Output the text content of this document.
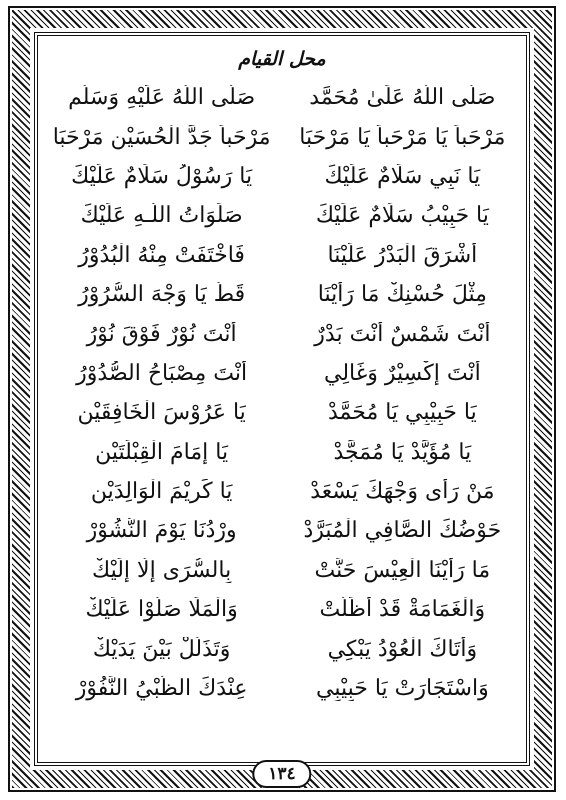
محل القيام
صَلَّى اللَّهُ عَلَىٰ مُحَمَّد
صَلَّى اللَّهُ عَلَيْهِ وَسَلَّم
مَرْحَباً يَا مَرْحَباً يَا مَرْحَبَا
مَرْحَباً جَدَّ الْحُسَيْنِ مَرْحَبَا
يَا نَبِي سَلَامٌ عَلَيْكَ
يَا رَسُوْلُ سَلَامٌ عَلَيْكَ
يَا حَبِيْبُ سَلَامٌ عَلَيْكَ
صَلَوَاتُ اللَّـهِ عَلَيْكَ
أَشْرَقَ الْبَدْرُ عَلَيْنَا
فَاخْتَفَتْ مِنْهُ الْبُدُوْرُ
مِثْلَ حُسْنِكْ مَا رَأَيْنَا
قَطُّ يَا وَجْهَ السُّرُوْرُ
أَنْتَ شَمْسٌ أَنْتَ بَدْرٌ
أَنْتَ نُوْرٌ فَوْقَ نُوْرُ
أَنْتَ إِكْسِيْرٌ وَغَالِي
أَنْتَ مِصْبَاحُ الصُّدُوْرُ
يَا حَبِيْبِي يَا مُحَمَّدْ
يَا عَرُوْسَ الْخَافِقَيْنِ
يَا مُؤَيَّدْ يَا مُمَجَّدْ
يَا إِمَامَ الْقِبْلَتَيْنِ
مَنْ رَأَى وَجْهَكَ يَسْعَدْ
يَا كَرِيْمَ الْوَالِدَيْنِ
حَوْضُكَ الصَّافِي الْمُبَرَّدْ
وِرْدُنَا يَوْمَ النُّشُوْرْ
مَا رَأَيْنَا الْعِيْسَ حَنَّتْ
بِالسُّرَى إِلَّا إِلَيْكْ
وَالْغَمَامَةْ قَدْ أَظَلَّتْ
وَالْمَلَا صَلُّوْا عَلَيْكْ
وَأَتَاكَ الْعُوْدُ يَبْكِي
وَتَذَلَّلْ بَيْنَ يَدَيْكْ
وَاسْتَجَارَتْ يَا حَبِيْبِي
عِنْدَكَ الظَّبْيُ النَّفُوْرْ
١٣٤
